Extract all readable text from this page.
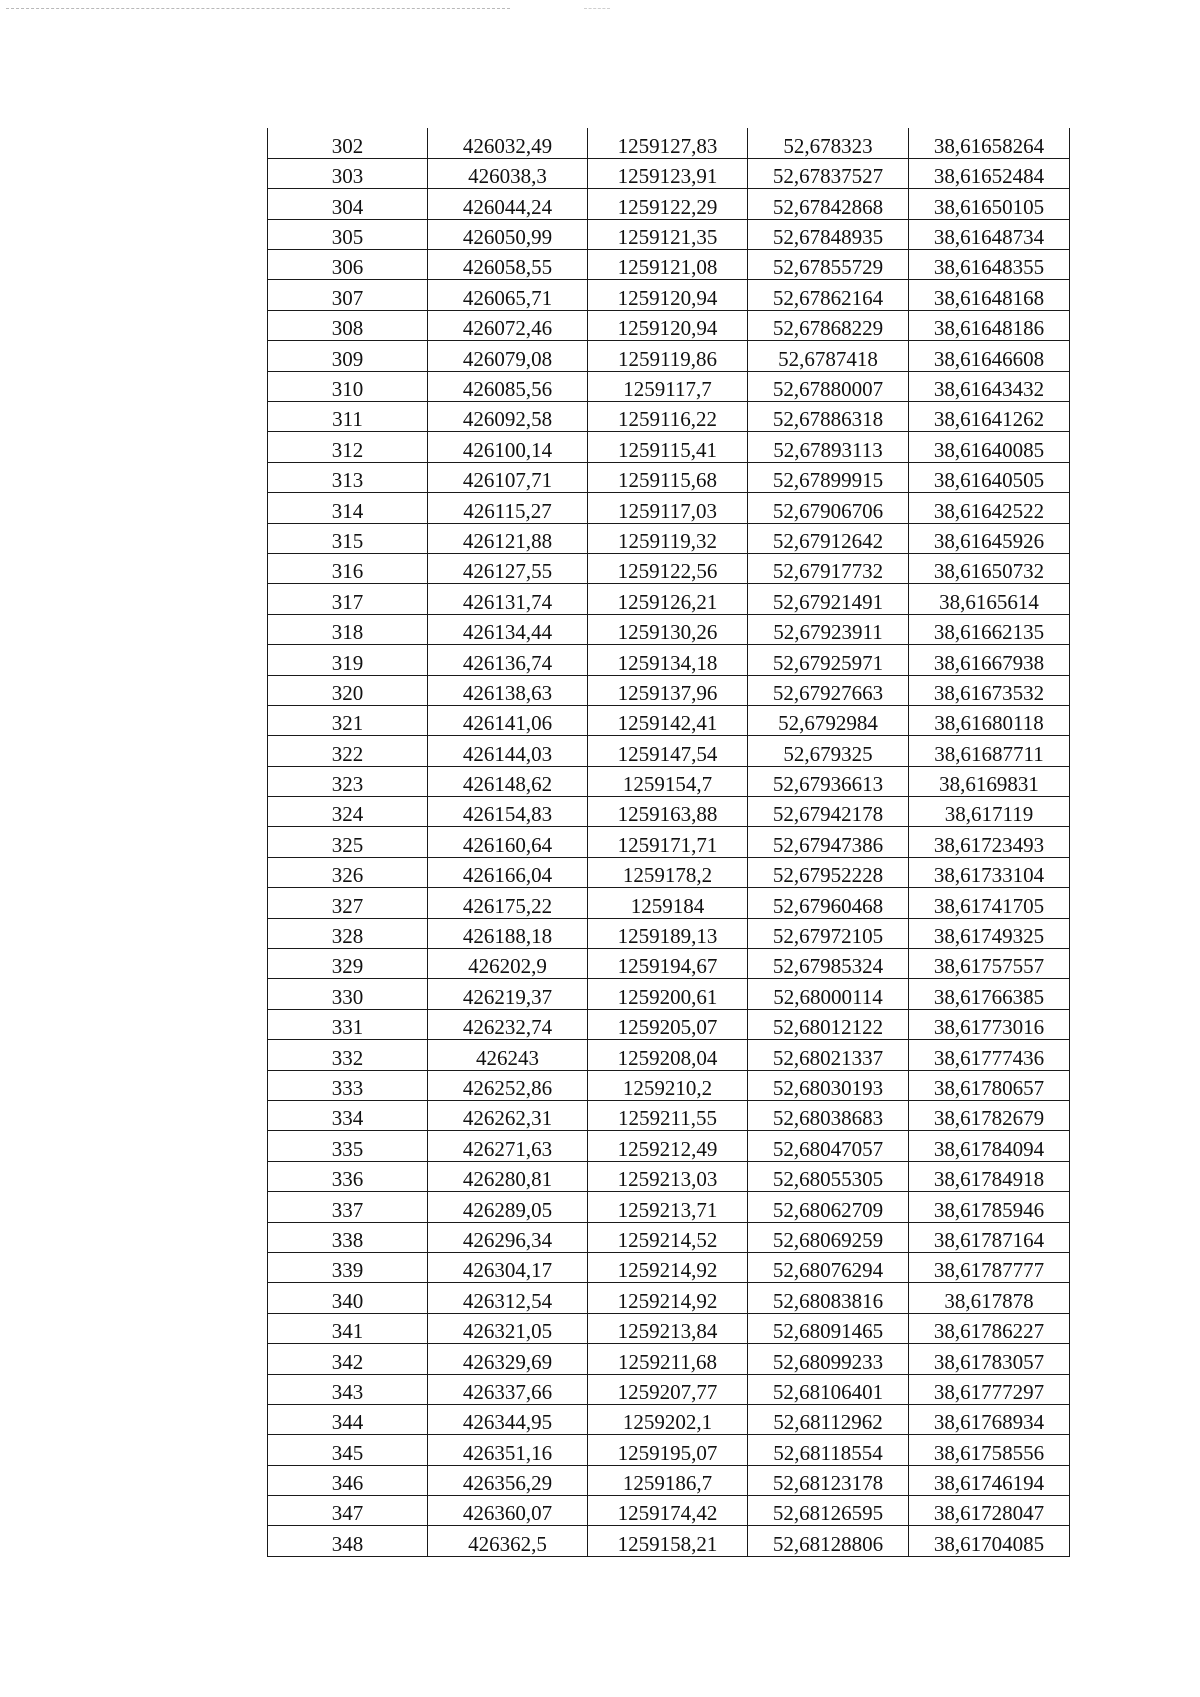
302	426032,49	1259127,83	52,678323	38,61658264
303	426038,3	1259123,91	52,67837527	38,61652484
304	426044,24	1259122,29	52,67842868	38,61650105
305	426050,99	1259121,35	52,67848935	38,61648734
306	426058,55	1259121,08	52,67855729	38,61648355
307	426065,71	1259120,94	52,67862164	38,61648168
308	426072,46	1259120,94	52,67868229	38,61648186
309	426079,08	1259119,86	52,6787418	38,61646608
310	426085,56	1259117,7	52,67880007	38,61643432
311	426092,58	1259116,22	52,67886318	38,61641262
312	426100,14	1259115,41	52,67893113	38,61640085
313	426107,71	1259115,68	52,67899915	38,61640505
314	426115,27	1259117,03	52,67906706	38,61642522
315	426121,88	1259119,32	52,67912642	38,61645926
316	426127,55	1259122,56	52,67917732	38,61650732
317	426131,74	1259126,21	52,67921491	38,6165614
318	426134,44	1259130,26	52,67923911	38,61662135
319	426136,74	1259134,18	52,67925971	38,61667938
320	426138,63	1259137,96	52,67927663	38,61673532
321	426141,06	1259142,41	52,6792984	38,61680118
322	426144,03	1259147,54	52,679325	38,61687711
323	426148,62	1259154,7	52,67936613	38,6169831
324	426154,83	1259163,88	52,67942178	38,617119
325	426160,64	1259171,71	52,67947386	38,61723493
326	426166,04	1259178,2	52,67952228	38,61733104
327	426175,22	1259184	52,67960468	38,61741705
328	426188,18	1259189,13	52,67972105	38,61749325
329	426202,9	1259194,67	52,67985324	38,61757557
330	426219,37	1259200,61	52,68000114	38,61766385
331	426232,74	1259205,07	52,68012122	38,61773016
332	426243	1259208,04	52,68021337	38,61777436
333	426252,86	1259210,2	52,68030193	38,61780657
334	426262,31	1259211,55	52,68038683	38,61782679
335	426271,63	1259212,49	52,68047057	38,61784094
336	426280,81	1259213,03	52,68055305	38,61784918
337	426289,05	1259213,71	52,68062709	38,61785946
338	426296,34	1259214,52	52,68069259	38,61787164
339	426304,17	1259214,92	52,68076294	38,61787777
340	426312,54	1259214,92	52,68083816	38,617878
341	426321,05	1259213,84	52,68091465	38,61786227
342	426329,69	1259211,68	52,68099233	38,61783057
343	426337,66	1259207,77	52,68106401	38,61777297
344	426344,95	1259202,1	52,68112962	38,61768934
345	426351,16	1259195,07	52,68118554	38,61758556
346	426356,29	1259186,7	52,68123178	38,61746194
347	426360,07	1259174,42	52,68126595	38,61728047
348	426362,5	1259158,21	52,68128806	38,61704085
